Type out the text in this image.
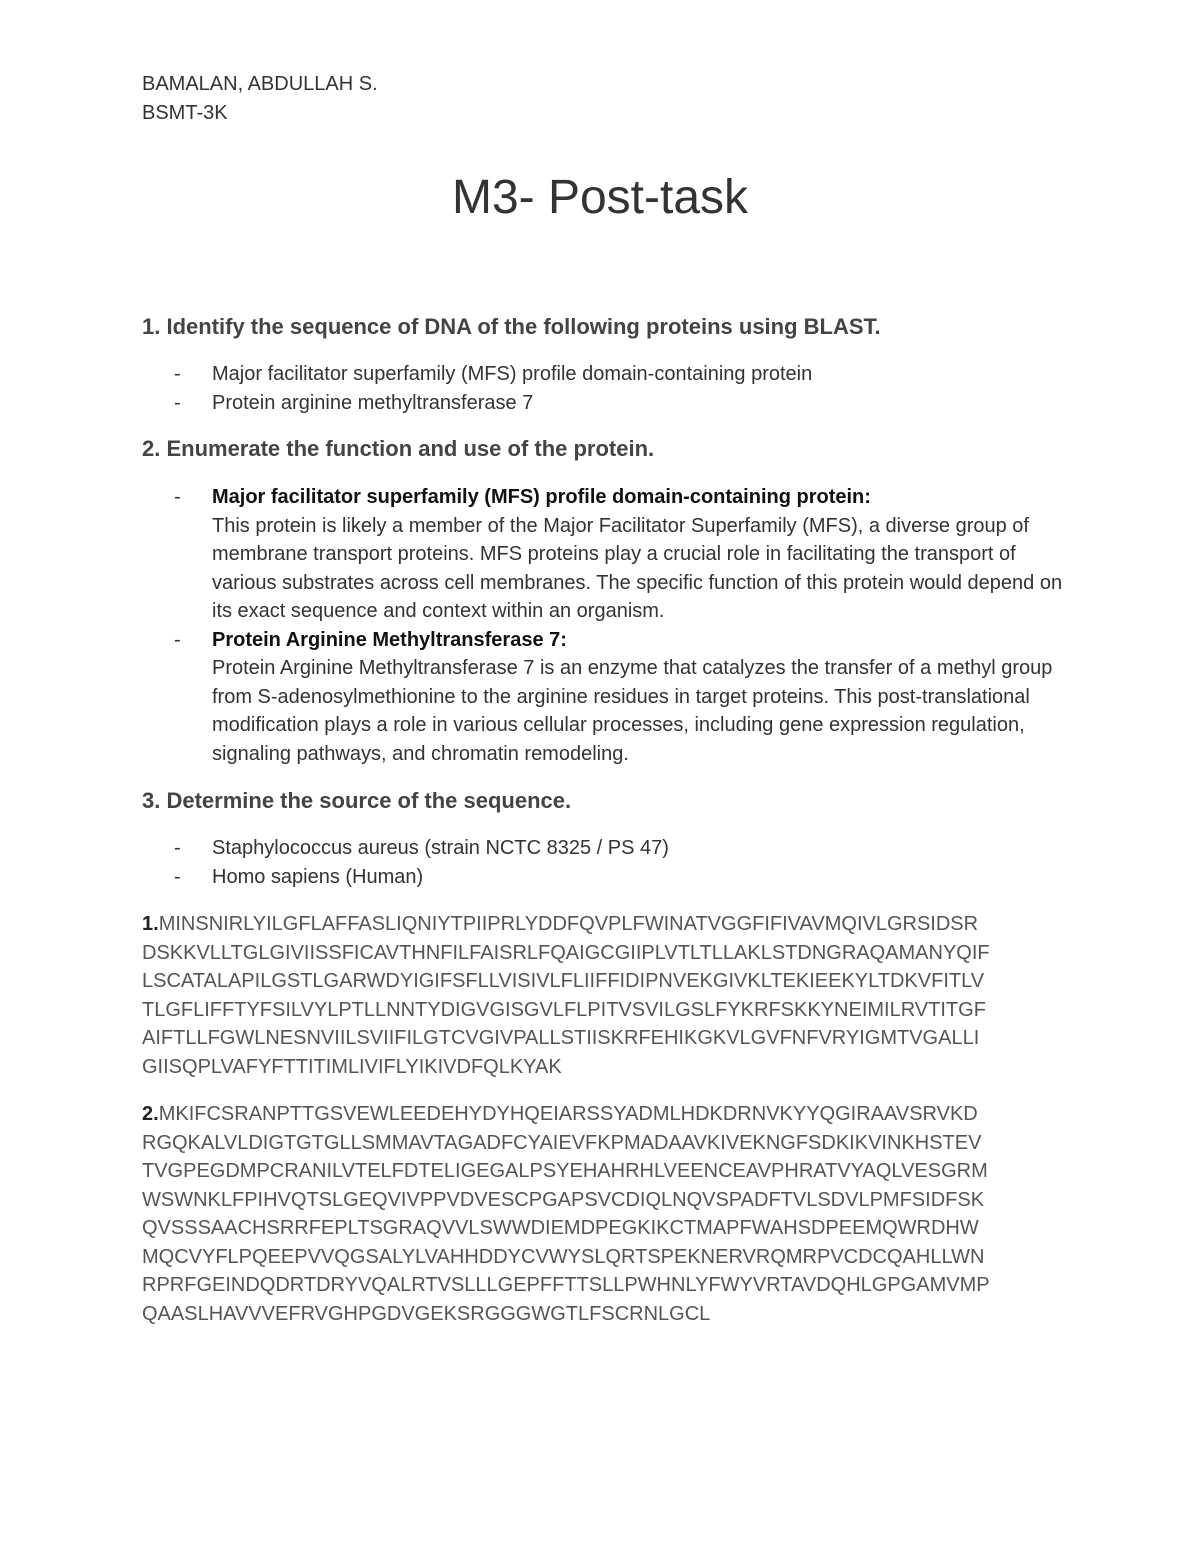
BAMALAN, ABDULLAH S.
BSMT-3K
M3- Post-task
1. Identify the sequence of DNA of the following proteins using BLAST.
- Major facilitator superfamily (MFS) profile domain-containing protein
- Protein arginine methyltransferase 7
2. Enumerate the function and use of the protein.
- Major facilitator superfamily (MFS) profile domain-containing protein:
This protein is likely a member of the Major Facilitator Superfamily (MFS), a diverse group of membrane transport proteins. MFS proteins play a crucial role in facilitating the transport of various substrates across cell membranes. The specific function of this protein would depend on its exact sequence and context within an organism.
- Protein Arginine Methyltransferase 7:
Protein Arginine Methyltransferase 7 is an enzyme that catalyzes the transfer of a methyl group from S-adenosylmethionine to the arginine residues in target proteins. This post-translational modification plays a role in various cellular processes, including gene expression regulation, signaling pathways, and chromatin remodeling.
3. Determine the source of the sequence.
- Staphylococcus aureus (strain NCTC 8325 / PS 47)
- Homo sapiens (Human)
1.MINSNIRLYILGFLAFFASLIQNIYTPIIPRLYDDFQVPLFWINATVGGFIFIVAVMQIVLGRSIDSR
DSKKVLLTGLGIVIISSFICAVTHNFILFAISRLFQAIGCGIIPLVTLTLLAKLSTDNGRAQAMANYQIF
LSCATALAPILGSTLGARWDYIGIFSFLLVISIVLFLIIFFIDIPNVEKGIVKLTEKIEEKYLTDKVFITLV
TLGFLIFFTYFSILVYLPTLLNNTYDIGVGISGVLFLPITVSVILGSLFYKRFSKKYNEIMILRVTITGF
AIFTLLFGWLNESNVIILSVIIFILGTCVGIVPALLSTIISKRFEHIKGKVLGVFNFVRYIGMTVGALLI
GIISQPLVAFYFTTITIMLIVIFLYIKIVDFQLKYAK
2.MKIFCSRANPTTGSVEWLEEDEHYDYHQEIARSSYADMLHDKDRNVKYYQGIRAAVSRVKD
RGQKALVLDIGTGTGLLSMMAVTAGADFCYAIEVFKPMADAAVKIVEKNGFSDKIKVINKHSTEV
TVGPEGDMPCRANILVTELFDTELIGEGALPSYEHAHRHLVEENCEAVPHRATVYAQLVESGRM
WSWNKLFPIHVQTSLGEQVIVPPVDVESCPGAPSVCDIQLNQVSPADFTVLSDVLPMFSIDFSK
QVSSSAACHSRRFEPLTSGRAQVVLSWWDIEMDPEGKIKCTMAPFWAHSDPEEMQWRDHW
MQCVYFLPQEEPVVQGSALYLVAHHDDYCVWYSLQRTSPEKNERVRQMRPVCDCQAHLLWN
RPRFGEINDQDRTDRYVQALRTVSLLLGEPFFTTSLLPWHNLYFWYVRTAVDQHLGPGAMVMP
QAASLHAVVVEFRVGHPGDVGEKSRGGGWGTLFSCRNLGCL
